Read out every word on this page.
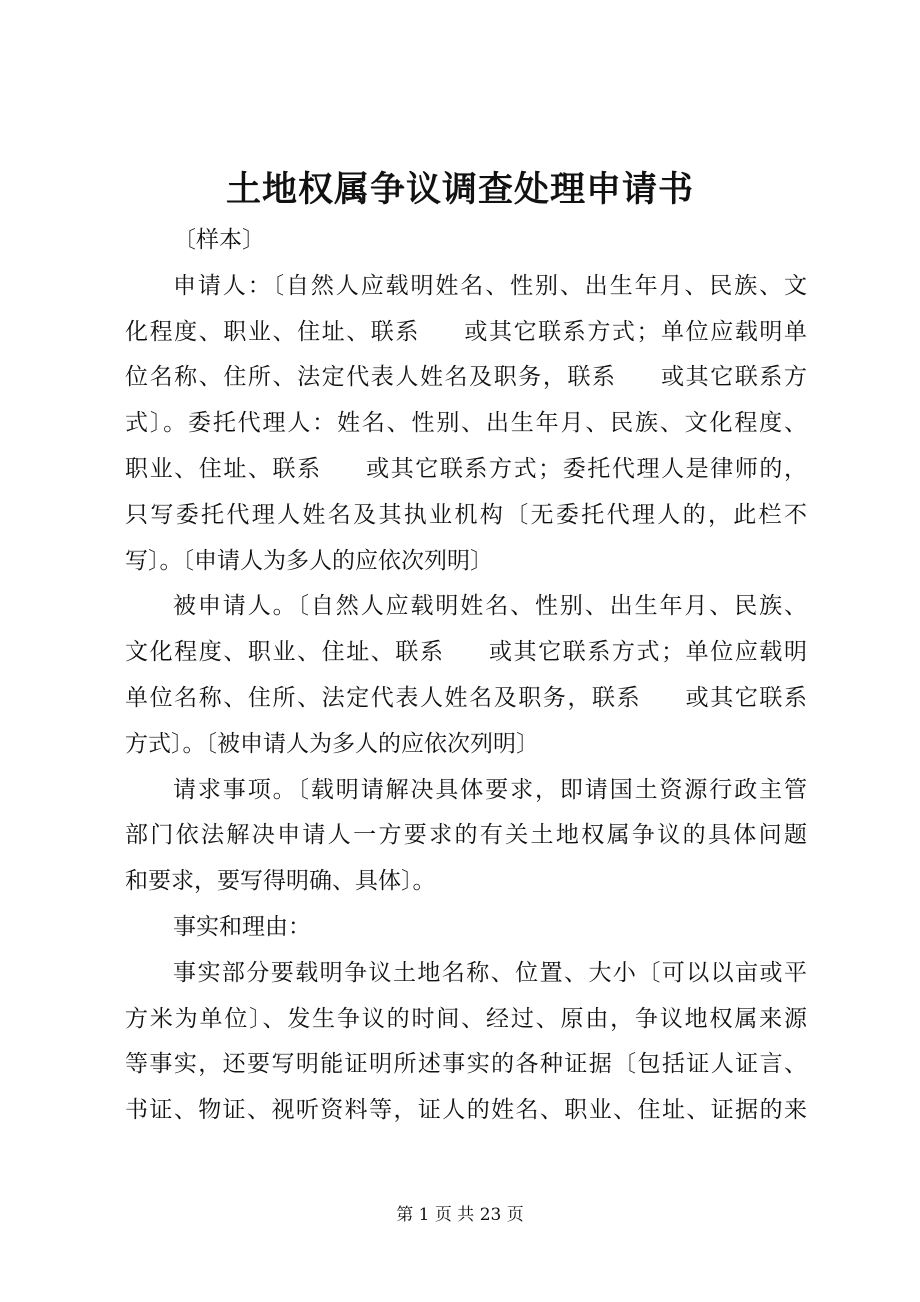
土地权属争议调查处理申请书
〔样本〕
申请人：〔自然人应载明姓名、性别、出生年月、民族、文
化程度、职业、住址、联系     或其它联系方式；单位应载明单
位名称、住所、法定代表人姓名及职务，联系     或其它联系方
式〕。委托代理人：姓名、性别、出生年月、民族、文化程度、
职业、住址、联系     或其它联系方式；委托代理人是律师的，
只写委托代理人姓名及其执业机构〔无委托代理人的，此栏不
写〕。〔申请人为多人的应依次列明〕
被申请人。〔自然人应载明姓名、性别、出生年月、民族、
文化程度、职业、住址、联系     或其它联系方式；单位应载明
单位名称、住所、法定代表人姓名及职务，联系     或其它联系
方式〕。〔被申请人为多人的应依次列明〕
请求事项。〔载明请解决具体要求，即请国土资源行政主管
部门依法解决申请人一方要求的有关土地权属争议的具体问题
和要求，要写得明确、具体〕。
事实和理由：
事实部分要载明争议土地名称、位置、大小〔可以以亩或平
方米为单位〕、发生争议的时间、经过、原由，争议地权属来源
等事实，还要写明能证明所述事实的各种证据〔包括证人证言、
书证、物证、视听资料等，证人的姓名、职业、住址、证据的来
第 1 页 共 23 页
